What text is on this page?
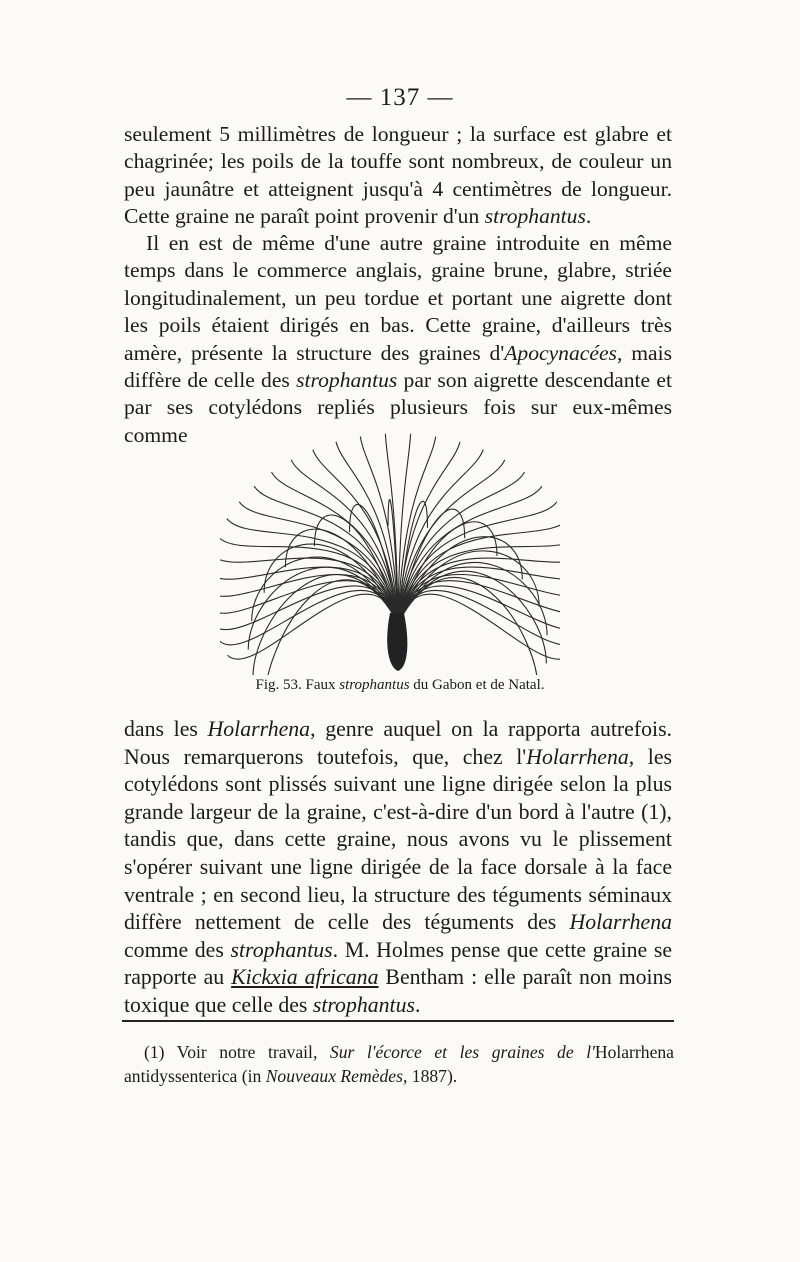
— 137 —

seulement 5 millimètres de longueur ; la surface est glabre et chagrinée; les poils de la touffe sont nombreux, de couleur un peu jaunâtre et atteignent jusqu'à 4 centimètres de longueur. Cette graine ne paraît point provenir d'un strophantus.

Il en est de même d'une autre graine introduite en même temps dans le commerce anglais, graine brune, glabre, striée longitudinalement, un peu tordue et portant une aigrette dont les poils étaient dirigés en bas. Cette graine, d'ailleurs très amère, présente la structure des graines d'Apocynacées, mais diffère de celle des strophantus par son aigrette descendante et par ses cotylédons repliés plusieurs fois sur eux-mêmes comme

Fig. 53. Faux strophantus du Gabon et de Natal.

dans les Holarrhena, genre auquel on la rapporta autrefois. Nous remarquerons toutefois, que, chez l'Holarrhena, les cotylédons sont plissés suivant une ligne dirigée selon la plus grande largeur de la graine, c'est-à-dire d'un bord à l'autre (1), tandis que, dans cette graine, nous avons vu le plissement s'opérer suivant une ligne dirigée de la face dorsale à la face ventrale ; en second lieu, la structure des téguments séminaux diffère nettement de celle des téguments des Holarrhena comme des strophantus. M. Holmes pense que cette graine se rapporte au Kickxia africana Bentham : elle paraît non moins toxique que celle des strophantus.

(1) Voir notre travail, Sur l'écorce et les graines de l'Holarrhena antidyssenterica (in Nouveaux Remèdes, 1887).
